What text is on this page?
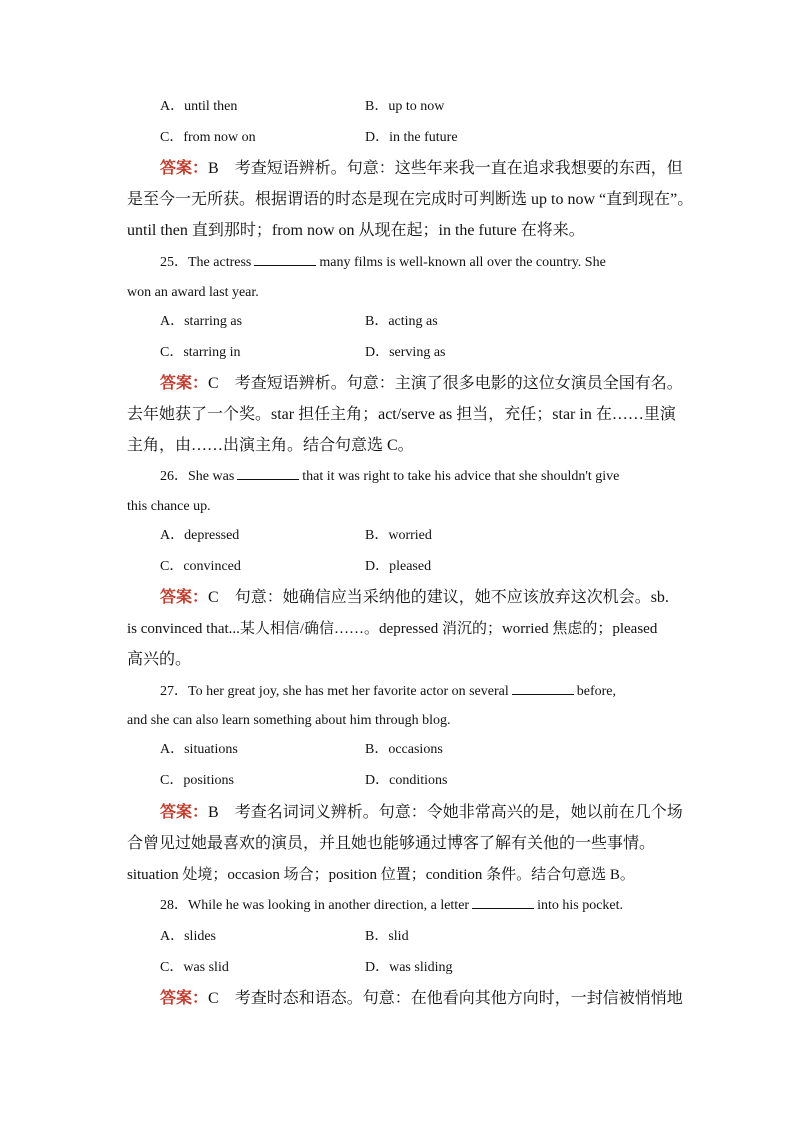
A．until then	B．up to now
C．from now on	D．in the future
答案：B　考查短语辨析。句意：这些年来我一直在追求我想要的东西，但
是至今一无所获。根据谓语的时态是现在完成时可判断选 up to now “直到现在”。
until then 直到那时；from now on 从现在起；in the future 在将来。
25．The actress	many films is well-known all over the country. She
won an award last year.
A．starring as	B．acting as
C．starring in	D．serving as
答案：C　考查短语辨析。句意：主演了很多电影的这位女演员全国有名。
去年她获了一个奖。star 担任主角；act/serve as 担当，充任；star in 在……里演
主角，由……出演主角。结合句意选 C。
26．She was	that it was right to take his advice that she shouldn't give
this chance up.
A．depressed	B．worried
C．convinced	D．pleased
答案：C　句意：她确信应当采纳他的建议，她不应该放弃这次机会。sb.
is convinced that...某人相信/确信……。depressed 消沉的；worried 焦虑的；pleased
高兴的。
27．To her great joy, she has met her favorite actor on several	before,
and she can also learn something about him through blog.
A．situations	B．occasions
C．positions	D．conditions
答案：B　考查名词词义辨析。句意：令她非常高兴的是，她以前在几个场
合曾见过她最喜欢的演员，并且她也能够通过博客了解有关他的一些事情。
situation 处境；occasion 场合；position 位置；condition 条件。结合句意选 B。
28．While he was looking in another direction, a letter	into his pocket.
A．slides	B．slid
C．was slid	D．was sliding
答案：C　考查时态和语态。句意：在他看向其他方向时，一封信被悄悄地
